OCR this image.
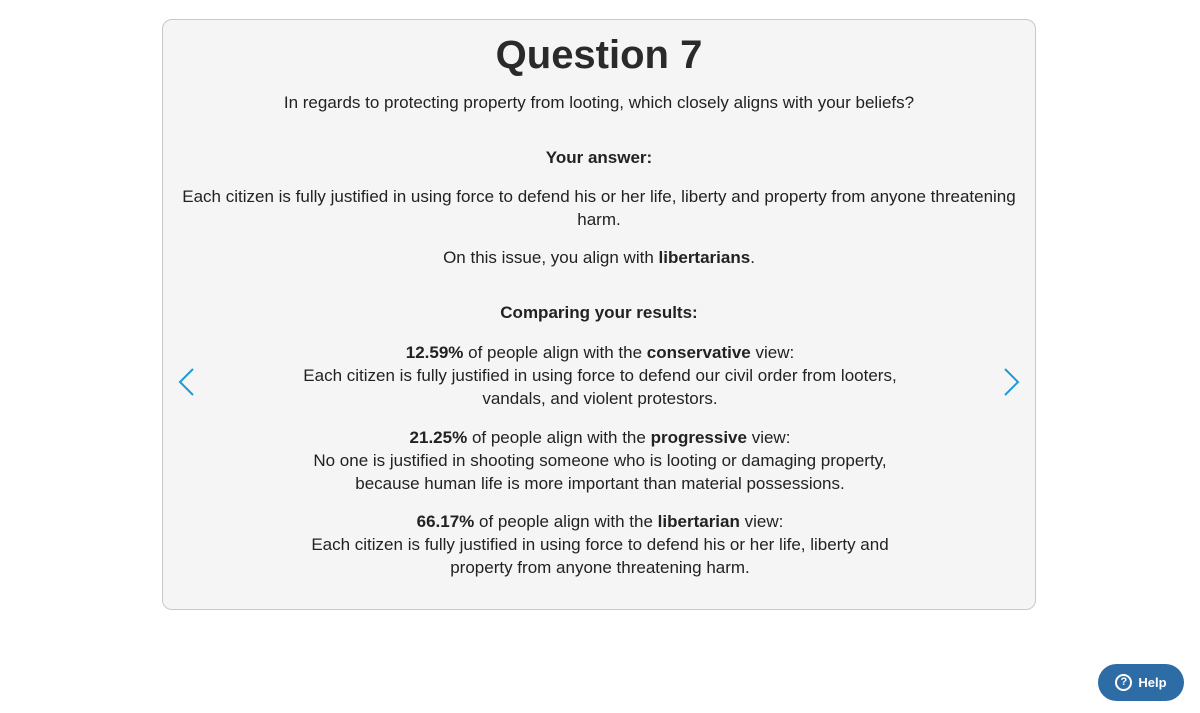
Question 7
In regards to protecting property from looting, which closely aligns with your beliefs?
Your answer:
Each citizen is fully justified in using force to defend his or her life, liberty and property from anyone threatening harm.
On this issue, you align with libertarians.
Comparing your results:
12.59% of people align with the conservative view:
Each citizen is fully justified in using force to defend our civil order from looters, vandals, and violent protestors.
21.25% of people align with the progressive view:
No one is justified in shooting someone who is looting or damaging property, because human life is more important than material possessions.
66.17% of people align with the libertarian view:
Each citizen is fully justified in using force to defend his or her life, liberty and property from anyone threatening harm.
? Help
